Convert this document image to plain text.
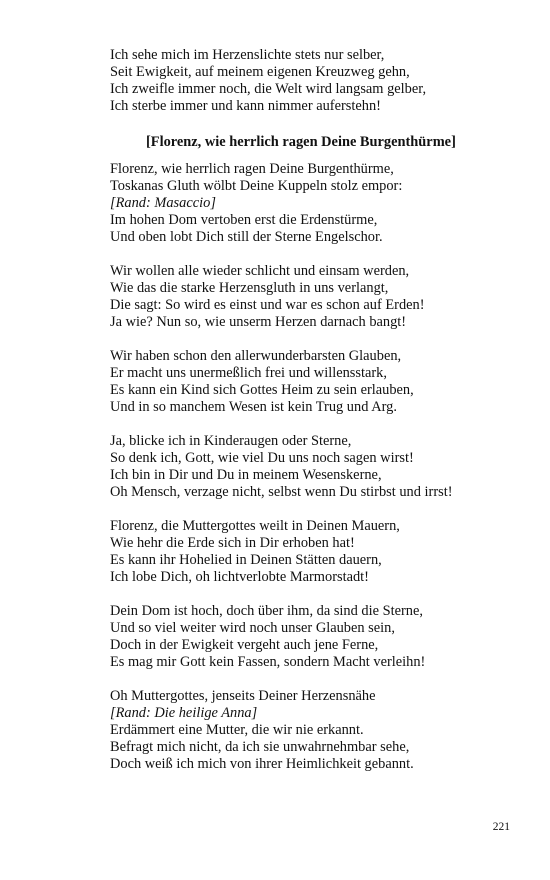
Ich sehe mich im Herzenslichte stets nur selber,
Seit Ewigkeit, auf meinem eigenen Kreuzweg gehn,
Ich zweifle immer noch, die Welt wird langsam gelber,
Ich sterbe immer und kann nimmer auferstehn!
[Florenz, wie herrlich ragen Deine Burgenthürme]
Florenz, wie herrlich ragen Deine Burgenthürme,
Toskanas Gluth wölbt Deine Kuppeln stolz empor:
[Rand: Masaccio]
Im hohen Dom vertoben erst die Erdenstürme,
Und oben lobt Dich still der Sterne Engelschor.
Wir wollen alle wieder schlicht und einsam werden,
Wie das die starke Herzensgluth in uns verlangt,
Die sagt: So wird es einst und war es schon auf Erden!
Ja wie? Nun so, wie unserm Herzen darnach bangt!
Wir haben schon den allerwunderbarsten Glauben,
Er macht uns unermeßlich frei und willensstark,
Es kann ein Kind sich Gottes Heim zu sein erlauben,
Und in so manchem Wesen ist kein Trug und Arg.
Ja, blicke ich in Kinderaugen oder Sterne,
So denk ich, Gott, wie viel Du uns noch sagen wirst!
Ich bin in Dir und Du in meinem Wesenskerne,
Oh Mensch, verzage nicht, selbst wenn Du stirbst und irrst!
Florenz, die Muttergottes weilt in Deinen Mauern,
Wie hehr die Erde sich in Dir erhoben hat!
Es kann ihr Hohelied in Deinen Stätten dauern,
Ich lobe Dich, oh lichtverlobte Marmorstadt!
Dein Dom ist hoch, doch über ihm, da sind die Sterne,
Und so viel weiter wird noch unser Glauben sein,
Doch in der Ewigkeit vergeht auch jene Ferne,
Es mag mir Gott kein Fassen, sondern Macht verleihn!
Oh Muttergottes, jenseits Deiner Herzensnähe
[Rand: Die heilige Anna]
Erdämmert eine Mutter, die wir nie erkannt.
Befragt mich nicht, da ich sie unwahrnehmbar sehe,
Doch weiß ich mich von ihrer Heimlichkeit gebannt.
221
